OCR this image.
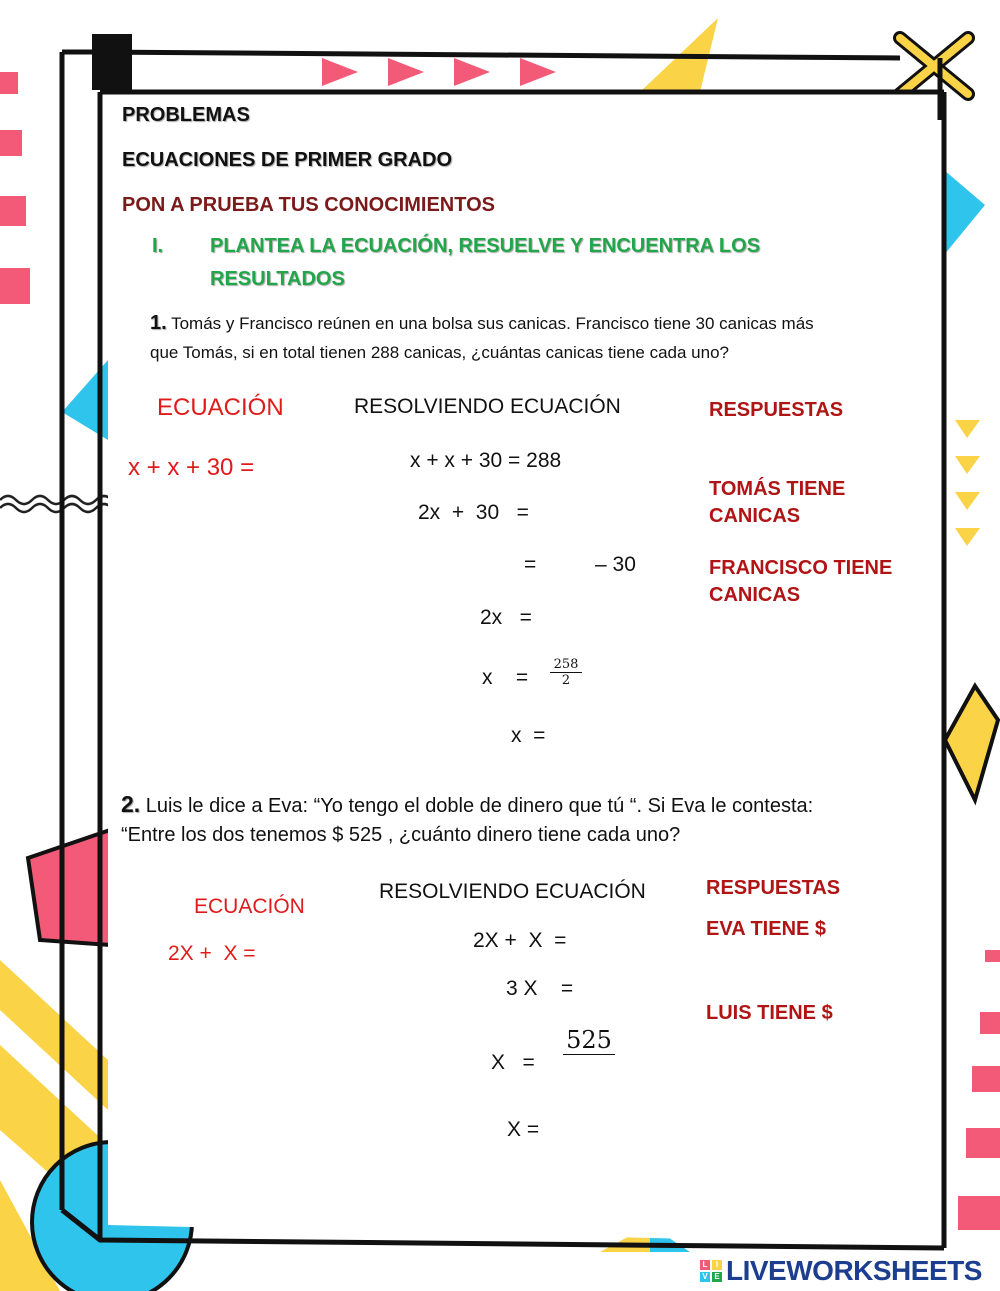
PROBLEMAS
ECUACIONES DE PRIMER GRADO
PON A PRUEBA TUS CONOCIMIENTOS
I. PLANTEA LA ECUACIÓN, RESUELVE Y ENCUENTRA LOS
RESULTADOS
1. Tomás y Francisco reúnen en una bolsa sus canicas. Francisco tiene 30 canicas más
que Tomás, si en total tienen 288 canicas, ¿cuántas canicas tiene cada uno?
ECUACIÓN
x + x + 30 =
RESOLVIENDO ECUACIÓN
x + x + 30 = 288
2x  +  30   =
=	– 30
2x   =
x    = $\frac{258}{2}$
x  =
RESPUESTAS
TOMÁS TIENE
CANICAS
FRANCISCO TIENE
CANICAS
2. Luis le dice a Eva: “Yo tengo el doble de dinero que tú “. Si Eva le contesta:
“Entre los dos tenemos $ 525 , ¿cuánto dinero tiene cada uno?
ECUACIÓN
2X +  X =
RESOLVIENDO ECUACIÓN
2X +  X  =
3 X    =
X   =
525
X =
RESPUESTAS
EVA TIENE $
LUIS TIENE $
L	I
V E LIVEWORKSHEETS
